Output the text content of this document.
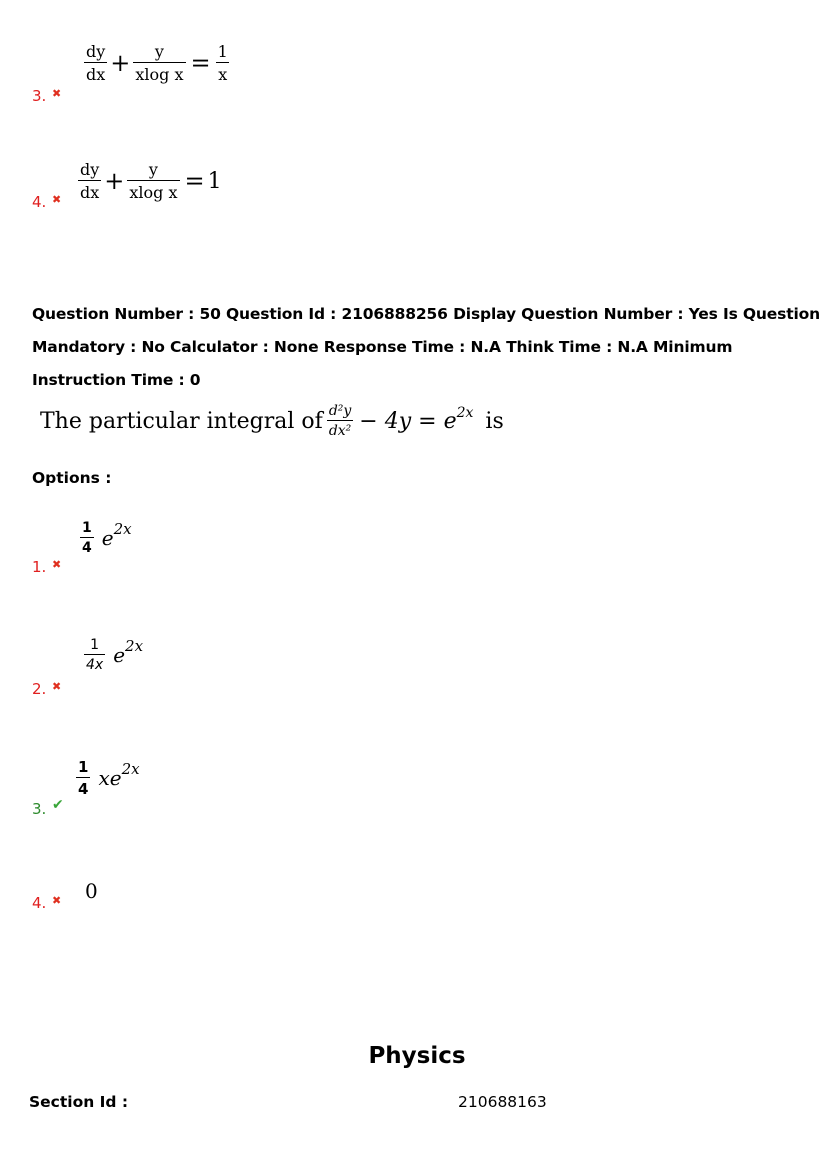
3. ✖
$\frac{dy}{dx} + \frac{y}{\text{xlog x}} = \frac{1}{x}$
4. ✖ $\frac{dy}{dx} + \frac{y}{\text{xlog x}} = 1$
Question Number : 50 Question Id : 2106888256 Display Question Number : Yes Is Question Mandatory : No Calculator : None Response Time : N.A Think Time : N.A Minimum Instruction Time : 0
The particular integral of $\frac{\text{d²y}}{\text{dx²}} - 4y = e^{2x}$ is
Options :
1. ✖
$\frac{1}{4}$ e 2x
2. ✖
$\frac{1}{4x}$ e 2x
3. ✔
$\frac{1}{4}$ xe 2x
4. ✖ 0
Physics
Section Id :	210688163
